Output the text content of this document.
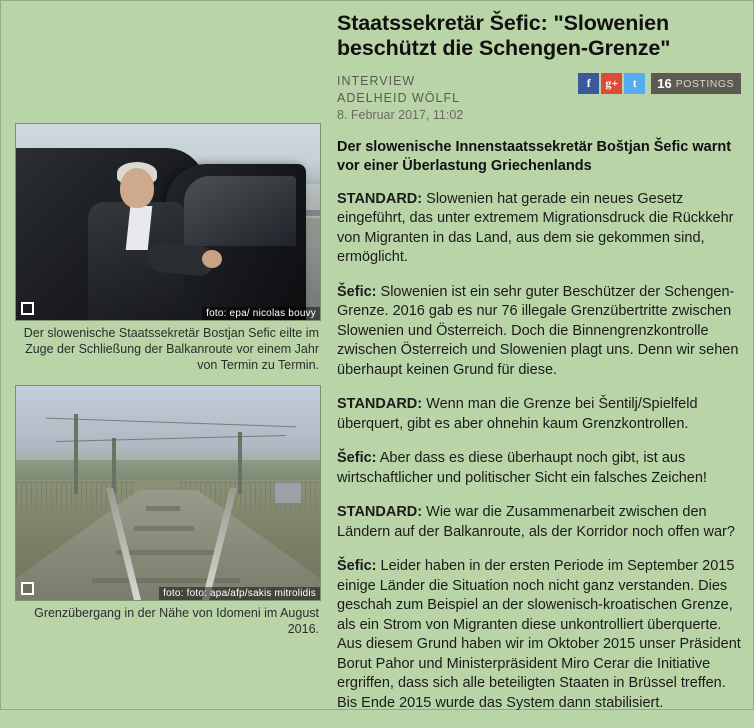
foto: epa/ nicolas bouvy
Der slowenische Staatssekretär Bostjan Sefic eilte im Zuge der Schließung der Balkanroute vor einem Jahr von Termin zu Termin.
foto: foto: apa/afp/sakis mitrolidis
Grenzübergang in der Nähe von Idomeni im August 2016.
Staatssekretär Šefic: "Slowenien beschützt die Schengen-Grenze"
INTERVIEW
ADELHEID WÖLFL
8. Februar 2017, 11:02
f	g+	t	16 POSTINGS
Der slowenische Innenstaatssekretär Boštjan Šefic warnt vor einer Überlastung Griechenlands

STANDARD: Slowenien hat gerade ein neues Gesetz eingeführt, das unter extremem Migrationsdruck die Rückkehr von Migranten in das Land, aus dem sie gekommen sind, ermöglicht.

Šefic: Slowenien ist ein sehr guter Beschützer der Schengen-Grenze. 2016 gab es nur 76 illegale Grenzübertritte zwischen Slowenien und Österreich. Doch die Binnengrenzkontrolle zwischen Österreich und Slowenien plagt uns. Denn wir sehen überhaupt keinen Grund für diese.

STANDARD: Wenn man die Grenze bei Šentilj/Spielfeld überquert, gibt es aber ohnehin kaum Grenzkontrollen.

Šefic: Aber dass es diese überhaupt noch gibt, ist aus wirtschaftlicher und politischer Sicht ein falsches Zeichen!

STANDARD: Wie war die Zusammenarbeit zwischen den Ländern auf der Balkanroute, als der Korridor noch offen war?

Šefic: Leider haben in der ersten Periode im September 2015 einige Länder die Situation noch nicht ganz verstanden. Dies geschah zum Beispiel an der slowenisch-kroatischen Grenze, als ein Strom von Migranten diese unkontrolliert überquerte. Aus diesem Grund haben wir im Oktober 2015 unser Präsident Borut Pahor und Ministerpräsident Miro Cerar die Initiative ergriffen, dass sich alle beteiligten Staaten in Brüssel treffen. Bis Ende 2015 wurde das System dann stabilisiert.
